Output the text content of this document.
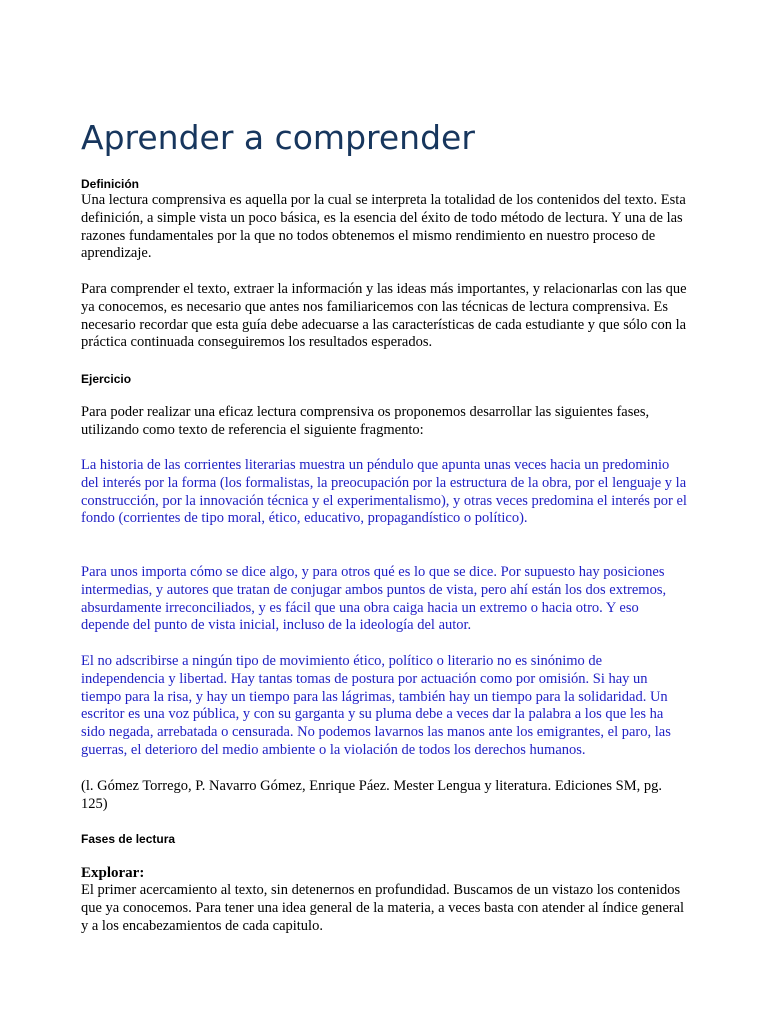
Aprender a comprender
Definición

Una lectura comprensiva es aquella por la cual se interpreta la totalidad de los contenidos del texto. Esta definición, a simple vista un poco básica, es la esencia del éxito de todo método de lectura. Y una de las razones fundamentales por la que no todos obtenemos el mismo rendimiento en nuestro proceso de aprendizaje.

Para comprender el texto, extraer la información y las ideas más importantes, y relacionarlas con las que ya conocemos, es necesario que antes nos familiaricemos con las técnicas de lectura comprensiva. Es necesario recordar que esta guía debe adecuarse a las características de cada estudiante y que sólo con la práctica continuada conseguiremos los resultados esperados.

Ejercicio

Para poder realizar una eficaz lectura comprensiva os proponemos desarrollar las siguientes fases, utilizando como texto de referencia el siguiente fragmento:

La historia de las corrientes literarias muestra un péndulo que apunta unas veces hacia un predominio del interés por la forma (los formalistas, la preocupación por la estructura de la obra, por el lenguaje y la construcción, por la innovación técnica y el experimentalismo), y otras veces predomina el interés por el fondo (corrientes de tipo moral, ético, educativo, propagandístico o político).

Para unos importa cómo se dice algo, y para otros qué es lo que se dice. Por supuesto hay posiciones intermedias, y autores que tratan de conjugar ambos puntos de vista, pero ahí están los dos extremos, absurdamente irreconciliados, y es fácil que una obra caiga hacia un extremo o hacia otro. Y eso depende del punto de vista inicial, incluso de la ideología del autor.

El no adscribirse a ningún tipo de movimiento ético, político o literario no es sinónimo de independencia y libertad. Hay tantas tomas de postura por actuación como por omisión. Si hay un tiempo para la risa, y hay un tiempo para las lágrimas, también hay un tiempo para la solidaridad. Un escritor es una voz pública, y con su garganta y su pluma debe a veces dar la palabra a los que les ha sido negada, arrebatada o censurada. No podemos lavarnos las manos ante los emigrantes, el paro, las guerras, el deterioro del medio ambiente o la violación de todos los derechos humanos.

(l. Gómez Torrego, P. Navarro Gómez, Enrique Páez. Mester Lengua y literatura. Ediciones SM, pg. 125)

Fases de lectura
Explorar:

El primer acercamiento al texto, sin detenernos en profundidad. Buscamos de un vistazo los contenidos que ya conocemos. Para tener una idea general de la materia, a veces basta con atender al índice general y a los encabezamientos de cada capitulo.
